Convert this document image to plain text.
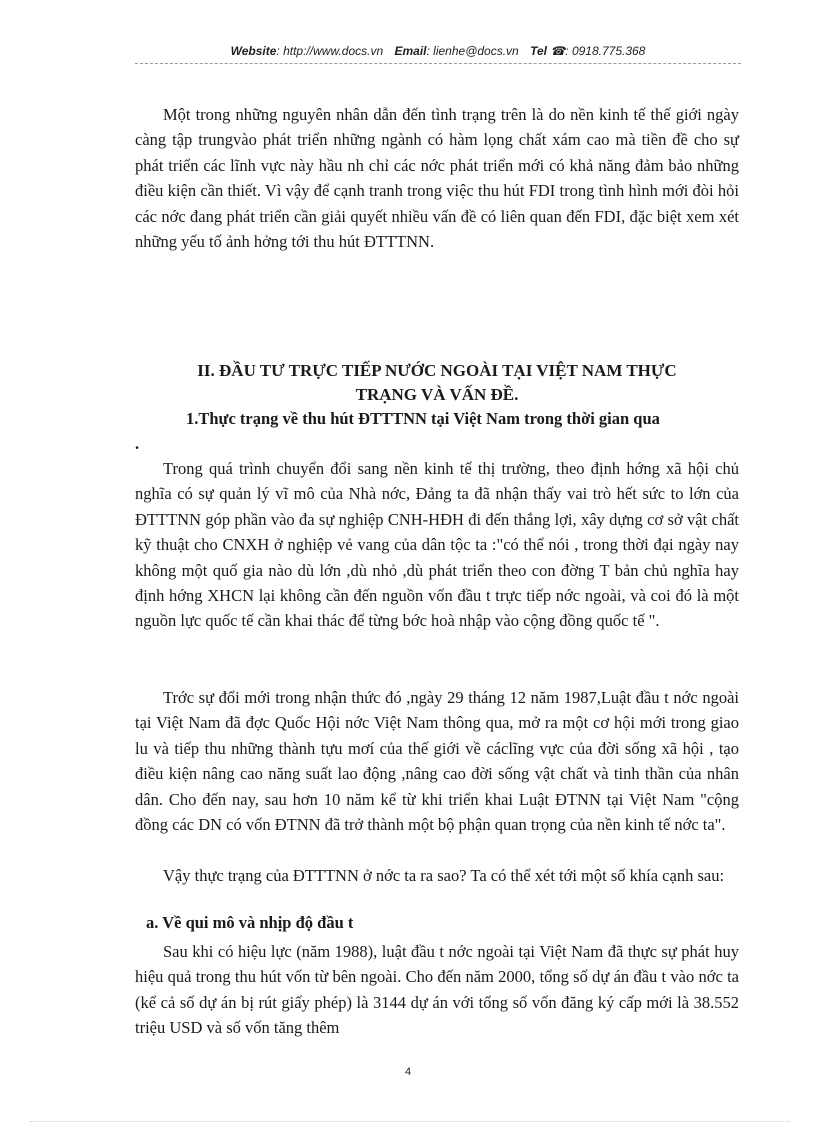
Website: http://www.docs.vn Email: lienhe@docs.vn Tel ☎: 0918.775.368
Một trong những nguyên nhân dẫn đến tình trạng trên là do nền kinh tế thế giới ngày càng tập trungvào phát triển những ngành có hàm lọng chất xám cao mà tiền đề cho sự phát triển các lĩnh vực này hầu nh chỉ các nớc phát triển mới có khả năng đảm bảo những điều kiện cần thiết. Vì vậy để cạnh tranh trong việc thu hút FDI trong tình hình mới đòi hỏi các nớc đang phát triển cần giải quyết nhiều vấn đề có liên quan đến FDI, đặc biệt xem xét những yếu tố ảnh hởng tới thu hút ĐTTTNN.
II. ĐẦU TƯ TRỰC TIẾP NƯỚC NGOÀI TẠI VIỆT NAM THỰC
TRẠNG VÀ VẤN ĐỀ.
1.Thực trạng về thu hút ĐTTTNN tại Việt Nam trong thời gian qua
.
Trong quá trình chuyển đổi sang nền kinh tế thị trường, theo định hớng xã hội chủ nghĩa có sự quản lý vĩ mô của Nhà nớc, Đảng ta đã nhận thấy vai trò hết sức to lớn của ĐTTTNN góp phần vào đa sự nghiệp CNH-HĐH đi đến thắng lợi, xây dựng cơ sở vật chất kỹ thuật cho CNXH ở nghiệp vẻ vang của dân tộc ta :"có thể nói , trong thời đại ngày nay không một quố gia nào dù lớn ,dù nhỏ ,dù phát triển theo con đờng T bản chủ nghĩa hay định hớng XHCN lại không cần đến nguồn vốn đầu t trực tiếp nớc ngoài, và coi đó là một nguồn lực quốc tế cần khai thác để từng bớc hoà nhập vào cộng đồng quốc tế ".
Trớc sự đổi mới trong nhận thức đó ,ngày 29 tháng 12 năm 1987,Luật đầu t nớc ngoài tại Việt Nam đã đợc Quốc Hội nớc Việt Nam thông qua, mở ra một cơ hội mới trong giao lu và tiếp thu những thành tựu mơí của thế giới về cáclĩng vực của đời sống xã hội , tạo điều kiện nâng cao năng suất lao động ,nâng cao đời sống vật chất và tinh thần của nhân dân. Cho đến nay, sau hơn 10 năm kể từ khi triển khai Luật ĐTNN tại Việt Nam "cộng đồng các DN có vốn ĐTNN đã trở thành một bộ phận quan trọng của nền kinh tế nớc ta".
Vậy thực trạng của ĐTTTNN ở nớc ta ra sao? Ta có thể xét tới một số khía cạnh sau:
a. Về qui mô và nhịp độ đầu t
Sau khi có hiệu lực (năm 1988), luật đầu t nớc ngoài tại Việt Nam đã thực sự phát huy hiệu quả trong thu hút vốn từ bên ngoài. Cho đến năm 2000, tổng số dự án đầu t vào nớc ta (kể cả số dự án bị rút giấy phép) là 3144 dự án với tổng số vốn đăng ký cấp mới là 38.552 triệu USD và số vốn tăng thêm
4
